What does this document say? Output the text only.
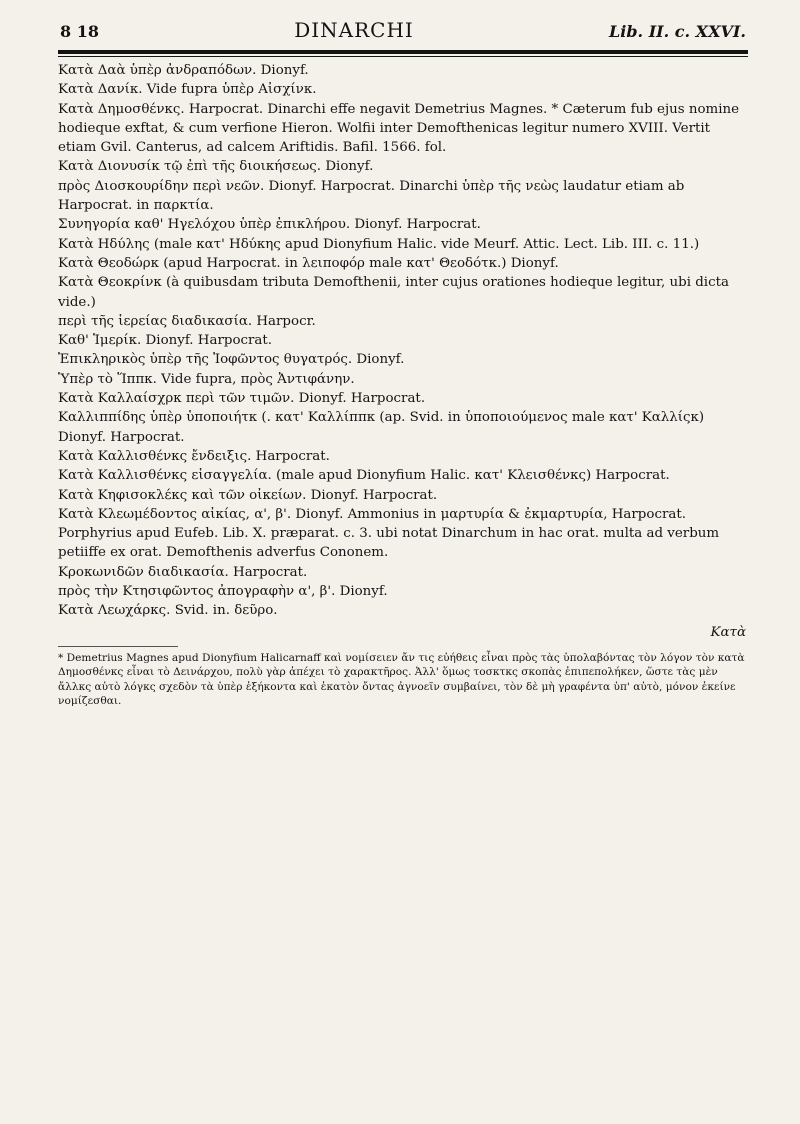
8 18	DINARCHI	Lib. II. c. XXVI.

Κατὰ Δαὰ ὑπὲρ ἀνδραπόδων. Dionyf.

Κατὰ Δανίκ. Vide fupra ὑπὲρ Αἰσχίνκ.

Κατὰ Δημοσθένκς. Harpocrat. Dinarchi effe negavit Demetrius Magnes. * Cæterum fub ejus nomine hodieque exftat, & cum verfione Hieron. Wolfii inter Demofthenicas legitur numero XVIII. Vertit etiam Gvil. Canterus, ad calcem Ariftidis. Bafil. 1566. fol.

Κατὰ Διονυσίκ τῷ ἐπὶ τῆς διοικήσεως. Dionyf.

πρὸς Διοσκουρίδην περὶ νεῶν. Dionyf. Harpocrat. Dinarchi ὑπὲρ τῆς νεὼς laudatur etiam ab Harpocrat. in παρκτία.

Συνηγορία καθ' Ηγελόχου ὑπὲρ ἐπικλήρου. Dionyf. Harpocrat.

Κατὰ Ηδύλης (male κατ' Ηδύκης apud Dionyfium Halic. vide Meurf. Attic. Lect. Lib. III. c. 11.)

Κατὰ Θεοδώρκ (apud Harpocrat. in λειποφόρ male κατ' Θεοδότκ.) Dionyf.

Κατὰ Θεοκρίνκ (à quibusdam tributa Demofthenii, inter cujus orationes hodieque legitur, ubi dicta vide.)

περὶ τῆς ἱερείας διαδικασία. Harpocr.

Καθ' Ἱμερίκ. Dionyf. Harpocrat.

Ἐπικληρικὸς ὑπὲρ τῆς Ἰοφῶντος θυγατρός. Dionyf.

Ὑπὲρ τὸ Ἵππκ. Vide fupra, πρὸς Ἀντιφάνην.

Κατὰ Καλλαίσχρκ περὶ τῶν τιμῶν. Dionyf. Harpocrat.

Καλλιππίδης ὑπὲρ ὑποποιήτκ (. κατ' Καλλίππκ (ap. Svid. in ὑποποιούμενος male κατ' Καλλίςκ) Dionyf. Harpocrat.

Κατὰ Καλλισθένκς ἔνδειξις. Harpocrat.

Κατὰ Καλλισθένκς εἰσαγγελία. (male apud Dionyfium Halic. κατ' Κλεισθένκς) Harpocrat.

Κατὰ Κηφισοκλέκς καὶ τῶν οἰκείων. Dionyf. Harpocrat.

Κατὰ Κλεωμέδοντος αἰκίας, α', β'. Dionyf. Ammonius in μαρτυρία & ἐκμαρτυρία, Harpocrat. Porphyrius apud Eufeb. Lib. X. præparat. c. 3. ubi notat Dinarchum in hac orat. multa ad verbum petiiffe ex orat. Demofthenis adverfus Cononem.

Κροκωνιδῶν διαδικασία. Harpocrat.

πρὸς τὴν Κτησιφῶντος ἀπογραφὴν α', β'. Dionyf.

Κατὰ Λεωχάρκς. Svid. in. δεῦρο.

Κατὰ

* Demetrius Magnes apud Dionyfium Halicarnaff καὶ νομίσειεν ἄν τις εὐήθεις εἶναι πρὸς τὰς ὑπολαβόντας τὸν λόγον τὸν κατὰ Δημοσθένκς εἶναι τὸ Δεινάρχου, πολὺ γὰρ ἀπέχει τὸ χαρακτῆρος. Ἀλλ' ὅμως τοσκτκς σκοπὰς ἐπιπεπολήκεν, ὥστε τὰς μὲν ἄλλκς αὐτὸ λόγκς σχεδὸν τὰ ὑπὲρ ἑξήκοντα καὶ ἑκατὸν ὄντας ἀγνοεῖν συμβαίνει, τὸν δὲ μὴ γραφέντα ὑπ' αὐτὸ, μόνον ἐκείνε νομίζεσθαι.
